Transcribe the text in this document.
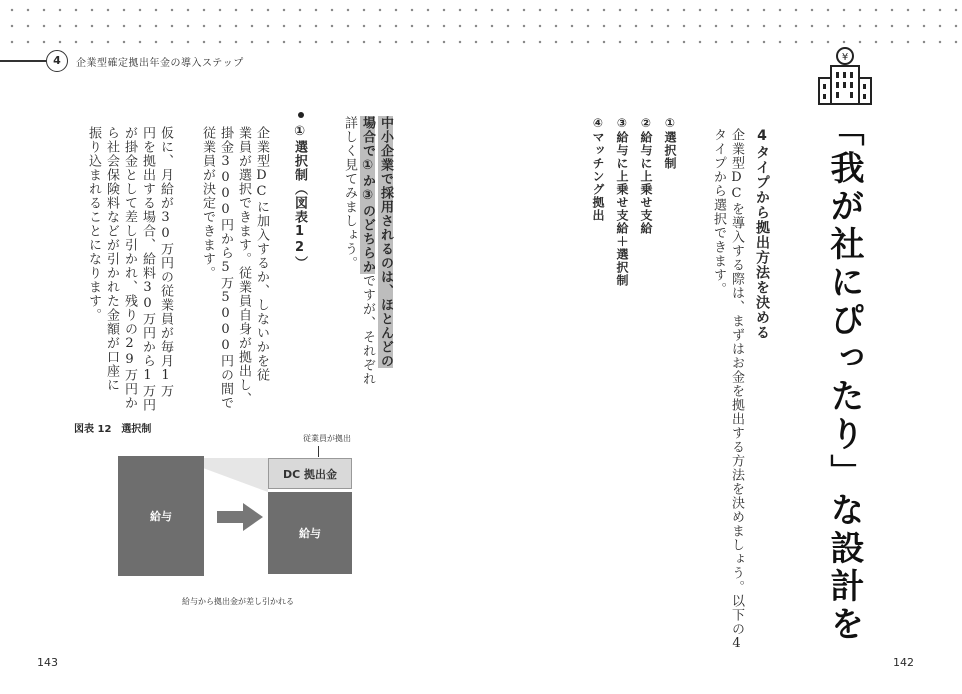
4	企業型確定拠出年金の導入ステップ
¥
「我が社にぴったり」な設計を
4タイプから拠出方法を決める
企業型DCを導入する際は、まずはお金を拠出する方法を決めましょう。以下の4
タイプから選択できます。
①選択制
②給与に上乗せ支給
③給与に上乗せ支給＋選択制
④マッチング拠出
142
中小企業で採用されるのは、ほとんどの
場合で①か③のどちらかですが、それぞれ
詳しく見てみましょう。
①選択制（図表12）
企業型DCに加入するか、しないかを従
業員が選択できます。従業員自身が拠出し、
掛金3000円から5万5000円の間で
従業員が決定できます。
仮に、月給が30万円の従業員が毎月1万
円を拠出する場合、給料30万円から1万円
が掛金として差し引かれ、残りの29万円か
ら社会保険料などが引かれた金額が口座に
振り込まれることになります。
図表 12　選択制
給与
従業員が拠出
DC 拠出金
給与
給与から拠出金が差し引かれる
143
